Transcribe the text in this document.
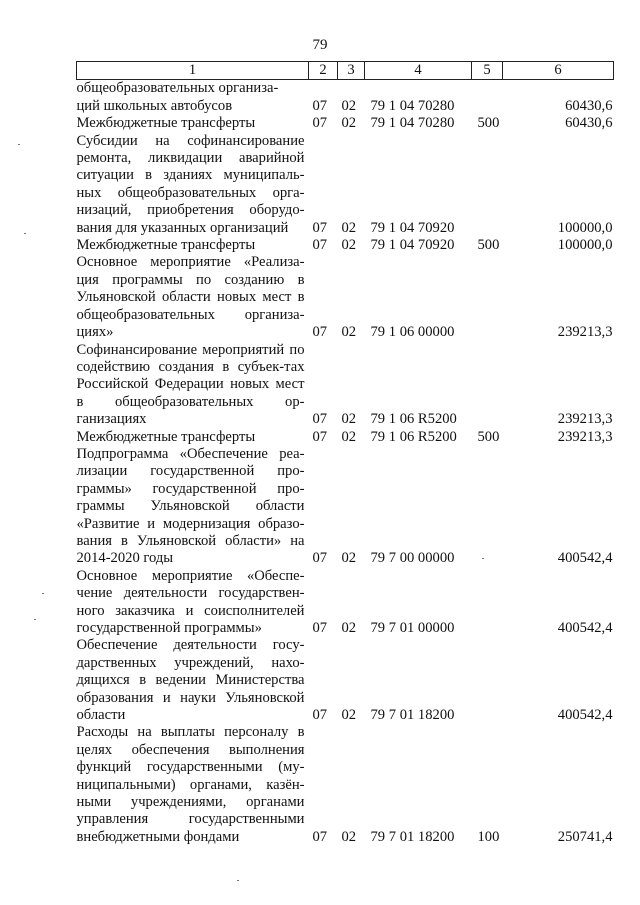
79
1	2	3	4	5	6
общеобразовательных организа-
ций школьных автобусов	07	02	79 1 04 70280		60430,6
Межбюджетные трансферты	07	02	79 1 04 70280	500	60430,6
Субсидии на софинансирование ремонта, ликвидации аварийной ситуации в зданиях муниципаль-ных общеобразовательных орга-низаций, приобретения оборудо-вания для указанных организаций	07	02	79 1 04 70920		100000,0
Межбюджетные трансферты	07	02	79 1 04 70920	500	100000,0
Основное мероприятие «Реализа-ция программы по созданию в Ульяновской области новых мест в общеобразовательных организа-циях»	07	02	79 1 06 00000		239213,3
Софинансирование мероприятий по содействию создания в субъек-тах Российской Федерации новых мест в общеобразовательных ор-ганизациях	07	02	79 1 06 R5200		239213,3
Межбюджетные трансферты	07	02	79 1 06 R5200	500	239213,3
Подпрограмма «Обеспечение реа-лизации государственной про-граммы» государственной про-граммы Ульяновской области «Развитие и модернизация образо-вания в Ульяновской области» на 2014-2020 годы	07	02	79 7 00 00000		400542,4
Основное мероприятие «Обеспе-чение деятельности государствен-ного заказчика и соисполнителей государственной программы»	07	02	79 7 01 00000		400542,4
Обеспечение деятельности госу-дарственных учреждений, нахо-дящихся в ведении Министерства образования и науки Ульяновской области	07	02	79 7 01 18200		400542,4
Расходы на выплаты персоналу в целях обеспечения выполнения функций государственными (му-ниципальными) органами, казён-ными учреждениями, органами управления государственными внебюджетными фондами	07	02	79 7 01 18200	100	250741,4
